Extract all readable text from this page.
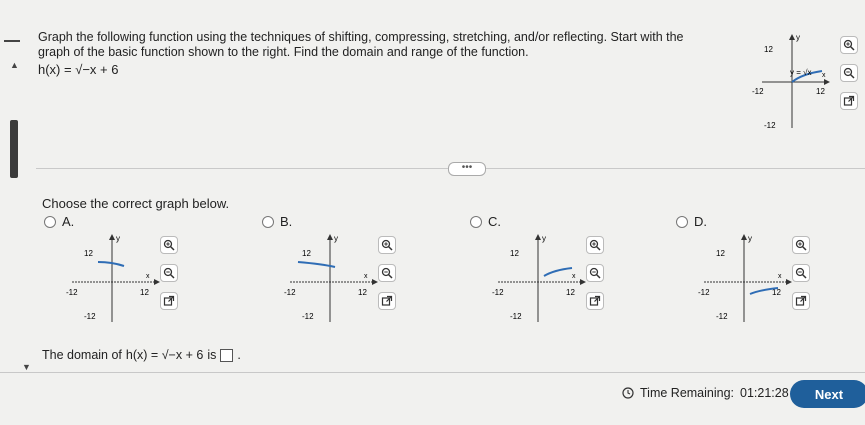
▲
Graph the following function using the techniques of shifting, compressing, stretching, and/or reflecting. Start with the graph of the basic function shown to the right. Find the domain and range of the function.
h(x) = √−x + 6
y
12
-12	12
-12
y = √x x
•••
Choose the correct graph below.
A.
y
12
-12	12
-12
x
B.
y
12
-12	12
-12
x
C.
y
12
-12	12
-12
x
D.
y
12
-12	12
-12
x
The domain of h(x) = √−x + 6 is .
▼
Time Remaining: 01:21:28	Next
